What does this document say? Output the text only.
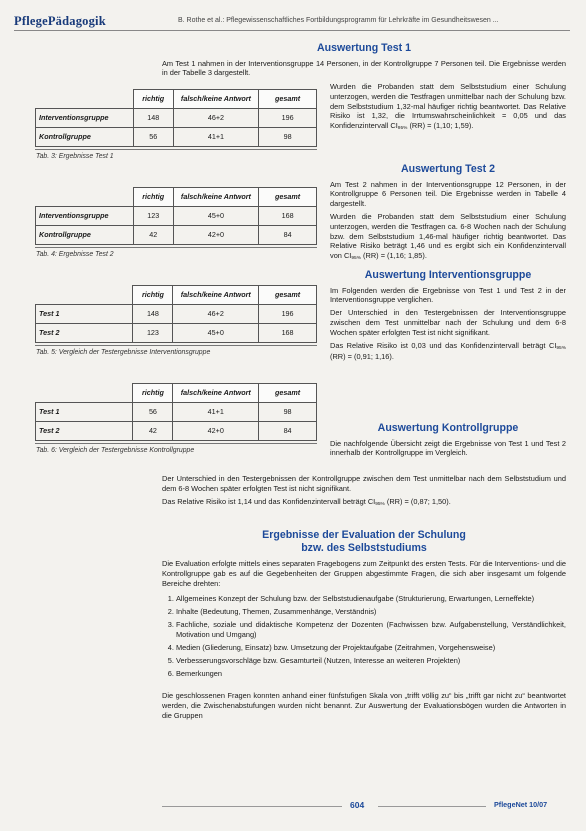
PflegePädagogik	B. Rothe et al.: Pflegewissenschaftliches Fortbildungsprogramm für Lehrkräfte im Gesundheitswesen ...
Auswertung Test 1

Am Test 1 nahmen in der Interventionsgruppe 14 Personen, in der Kontrollgruppe 7 Personen teil. Die Ergebnisse werden in der Tabelle 3 dargestellt.

	richtig	falsch/keine Antwort	gesamt
Interventionsgruppe	148	46+2	196
Kontrollgruppe	56	41+1	98
Tab. 3: Ergebnisse Test 1

Wurden die Probanden statt dem Selbststudium einer Schulung unterzogen, werden die Testfragen unmittelbar nach der Schulung bzw. dem Selbststudium 1,32-mal häufiger richtig beantwortet. Das Relative Risiko ist 1,32, die Irrtumswahrscheinlichkeit = 0,05 und das Konfidenzintervall $CI_{95\%}$ (RR) = (1,10; 1,59).

Auswertung Test 2

Am Test 2 nahmen in der Interventionsgruppe 12 Personen, in der Kontrollgruppe 6 Personen teil. Die Ergebnisse werden in Tabelle 4 dargestellt.

Wurden die Probanden statt dem Selbststudium einer Schulung unterzogen, werden die Testfragen ca. 6-8 Wochen nach der Schulung bzw. dem Selbststudium 1,46-mal häufiger richtig beantwortet. Das Relative Risiko beträgt 1,46 und es ergibt sich ein Konfidenzintervall von $CI_{95\%}$ (RR) = (1,16; 1,85).

	richtig	falsch/keine Antwort	gesamt
Interventionsgruppe	123	45+0	168
Kontrollgruppe	42	42+0	84
Tab. 4: Ergebnisse Test 2
	richtig	falsch/keine Antwort	gesamt
Test 1	148	46+2	196
Test 2	123	45+0	168
Tab. 5: Vergleich der Testergebnisse Interventionsgruppe
Auswertung Interventionsgruppe

Im Folgenden werden die Ergebnisse von Test 1 und Test 2 in der Interventionsgruppe verglichen.

Der Unterschied in den Testergebnissen der Interventionsgruppe zwischen dem Test unmittelbar nach der Schulung und dem 6-8 Wochen später erfolgten Test ist nicht signifikant.

Das Relative Risiko ist 0,03 und das Konfidenzintervall beträgt $CI_{95\%}$ (RR) = (0,91; 1,16).

	richtig	falsch/keine Antwort	gesamt
Test 1	56	41+1	98
Test 2	42	42+0	84
Tab. 6: Vergleich der Testergebnisse Kontrollgruppe
Auswertung Kontrollgruppe

Die nachfolgende Übersicht zeigt die Ergebnisse von Test 1 und Test 2 innerhalb der Kontrollgruppe im Vergleich.

Der Unterschied in den Testergebnissen der Kontrollgruppe zwischen dem Test unmittelbar nach dem Selbststudium und dem 6-8 Wochen später erfolgten Test ist nicht signifikant.

Das Relative Risiko ist 1,14 und das Konfidenzintervall beträgt $CI_{95\%}$ (RR) = (0,87; 1,50).

Ergebnisse der Evaluation der Schulung
bzw. des Selbststudiums

Die Evaluation erfolgte mittels eines separaten Fragebogens zum Zeitpunkt des ersten Tests. Für die Interventions- und die Kontrollgruppe gab es auf die Gegebenheiten der Gruppen abgestimmte Fragen, die sich aber insgesamt um folgende Bereiche drehten:

1. Allgemeines Konzept der Schulung bzw. der Selbststudienaufgabe (Strukturierung, Erwartungen, Lerneffekte)
2. Inhalte (Bedeutung, Themen, Zusammenhänge, Verständnis)
3. Fachliche, soziale und didaktische Kompetenz der Dozenten (Fachwissen bzw. Aufgabenstellung, Verständlichkeit, Motivation und Umgang)
4. Medien (Gliederung, Einsatz) bzw. Umsetzung der Projektaufgabe (Zeitrahmen, Vorgehensweise)
5. Verbesserungsvorschläge bzw. Gesamturteil (Nutzen, Interesse an weiteren Projekten)
6. Bemerkungen

Die geschlossenen Fragen konnten anhand einer fünfstufigen Skala von „trifft völlig zu“ bis „trifft gar nicht zu“ beantwortet werden, die Zwischenabstufungen wurden nicht benannt. Zur Auswertung der Evaluationsbögen wurden die Antworten in die Gruppen

604	PflegeNet 10/07
